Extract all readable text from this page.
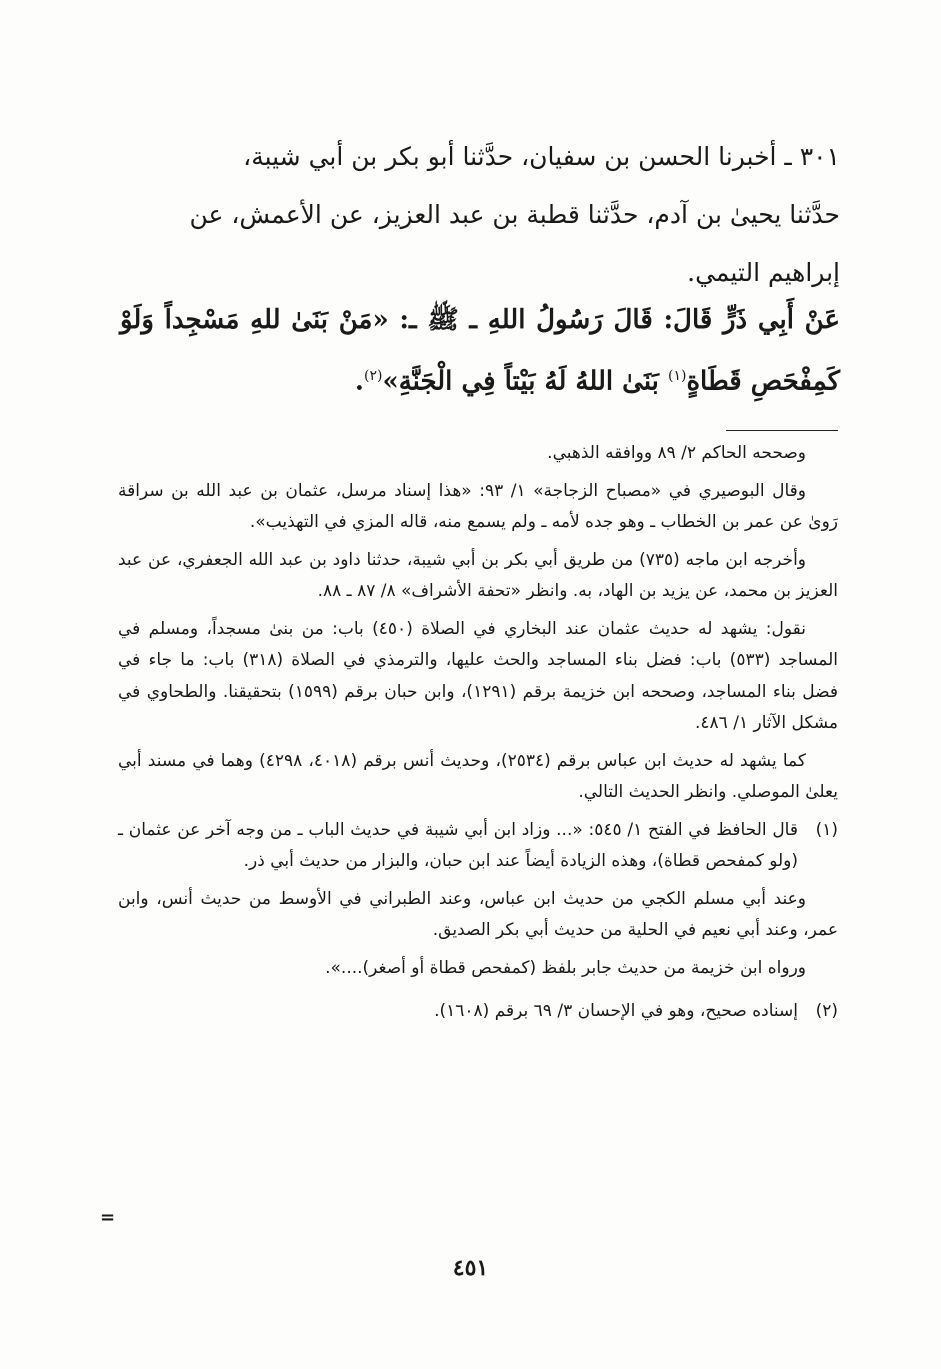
٣٠١ ـ أخبرنا الحسن بن سفيان، حدَّثنا أبو بكر بن أبي شيبة،

حدَّثنا يحيىٰ بن آدم، حدَّثنا قطبة بن عبد العزيز، عن الأعمش، عن

إبراهيم التيمي.

عَنْ أَبِي ذَرٍّ قَالَ: قَالَ رَسُولُ اللهِ ـ ﷺ ـ: «مَنْ بَنَىٰ للهِ مَسْجِداً وَلَوْ كَمِفْحَصِ قَطَاةٍ$^{(١)}$ بَنَىٰ اللهُ لَهُ بَيْتاً فِي الْجَنَّةِ»$^{(٢)}$.

وصححه الحاكم ٢/ ٨٩ ووافقه الذهبي.

وقال البوصيري في «مصباح الزجاجة» ١/ ٩٣: «هذا إسناد مرسل، عثمان بن عبد الله بن سراقة رَوىٰ عن عمر بن الخطاب ـ وهو جده لأمه ـ ولم يسمع منه، قاله المزي في التهذيب».

وأخرجه ابن ماجه (٧٣٥) من طريق أبي بكر بن أبي شيبة، حدثنا داود بن عبد الله الجعفري، عن عبد العزيز بن محمد، عن يزيد بن الهاد، به. وانظر «تحفة الأشراف» ٨/ ٨٧ ـ ٨٨.

نقول: يشهد له حديث عثمان عند البخاري في الصلاة (٤٥٠) باب: من بنىٰ مسجداً، ومسلم في المساجد (٥٣٣) باب: فضل بناء المساجد والحث عليها، والترمذي في الصلاة (٣١٨) باب: ما جاء في فضل بناء المساجد، وصححه ابن خزيمة برقم (١٢٩١)، وابن حبان برقم (١٥٩٩) بتحقيقنا. والطحاوي في مشكل الآثار ١/ ٤٨٦.

كما يشهد له حديث ابن عباس برقم (٢٥٣٤)، وحديث أنس برقم (٤٠١٨، ٤٢٩٨) وهما في مسند أبي يعلىٰ الموصلي. وانظر الحديث التالي.

(١)

قال الحافظ في الفتح ١/ ٥٤٥: «... وزاد ابن أبي شيبة في حديث الباب ـ من وجه آخر عن عثمان ـ (ولو كمفحص قطاة)، وهذه الزيادة أيضاً عند ابن حبان، والبزار من حديث أبي ذر.

وعند أبي مسلم الكجي من حديث ابن عباس، وعند الطبراني في الأوسط من حديث أنس، وابن عمر، وعند أبي نعيم في الحلية من حديث أبي بكر الصديق.

ورواه ابن خزيمة من حديث جابر بلفظ (كمفحص قطاة أو أصغر)....».

(٢)

إسناده صحيح، وهو في الإحسان ٣/ ٦٩ برقم (١٦٠٨).

=
٤٥١
